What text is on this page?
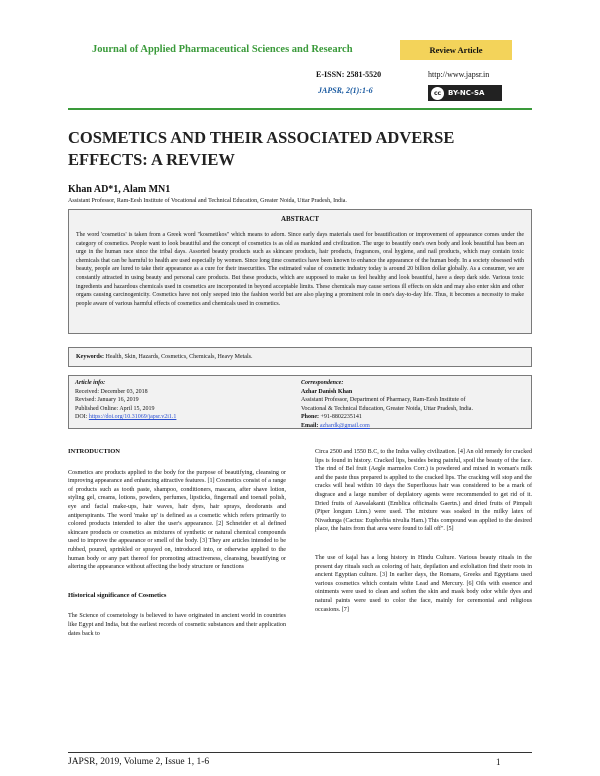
Journal of Applied Pharmaceutical Sciences and Research	Review Article
E-ISSN: 2581-5520	http://www.japsr.in
JAPSR, 2(1):1-6	cc BY-NC-SA
COSMETICS AND THEIR ASSOCIATED ADVERSE EFFECTS: A REVIEW
Khan AD*1, Alam MN1
Assistant Professor, Ram-Eesh Institute of Vocational and Technical Education, Greater Noida, Uttar Pradesh, India.
ABSTRACT
The word 'cosmetics' is taken from a Greek word "kosmetikos" which means to adorn. Since early days materials used for beautification or improvement of appearance comes under the category of cosmetics. People want to look beautiful and the concept of cosmetics is as old as mankind and civilization. The urge to beautify one's own body and look beautiful has been an urge in the human race since the tribal days. Assorted beauty products such as skincare products, hair products, fragrances, oral hygiene, and nail products, which may contain toxic chemicals that can be harmful to health are used especially by women. Since long time cosmetics have been known to enhance the appearance of the human body. In a society obsessed with beauty, people are lured to take their appearance as a cure for their insecurities. The estimated value of cosmetic industry today is around 20 billion dollar globally. As a consumer, we are constantly attracted in using beauty and personal care products. But these products, which are supposed to make us feel healthy and look beautiful, have a deep dark side. Various toxic ingredients and hazardous chemicals used in cosmetics are incorporated in beyond acceptable limits. These chemicals may cause serious ill effects on skin and may also enter skin and other organs causing carcinogenicity. Cosmetics have not only seeped into the fashion world but are also playing a prominent role in one's day-to-day life. Thus, it becomes a necessity to make people aware of various harmful effects of cosmetics and chemicals used in cosmetics.
Keywords: Health, Skin, Hazards, Cosmetics, Chemicals, Heavy Metals.
Article info:
Received: December 03, 2018
Revised: January 16, 2019
Published Online: April 15, 2019
DOI: https://doi.org/10.31069/japsr.v2i1.1
Correspondence:
Azhar Danish Khan
Assistant Professor, Department of Pharmacy, Ram-Eesh Institute of
Vocational & Technical Education, Greater Noida, Uttar Pradesh, India.
Phone: +91-8802235141
Email: azhardk@gmail.com
INTRODUCTION
Cosmetics are products applied to the body for the purpose of beautifying, cleansing or improving appearance and enhancing attractive features. [1] Cosmetics consist of a range of products such as tooth paste, shampoo, conditioners, mascara, after shave lotion, styling gel, creams, lotions, powders, perfumes, lipsticks, fingernail and toenail polish, eye and facial make-ups, hair waves, hair dyes, hair sprays, deodorants and antiperspirants. The word 'make up' is defined as a cosmetic which refers primarily to colored products intended to alter the user's appearance. [2] Schneider et al defined skincare products or cosmetics as mixtures of synthetic or natural chemical compounds used to improve the appearance or smell of the body. [3] They are articles intended to be rubbed, poured, sprinkled or sprayed on, introduced into, or otherwise applied to the human body or any part thereof for promoting attractiveness, cleansing, beautifying or altering the appearance without affecting the body structure or functions
Historical significance of Cosmetics
The Science of cosmetology is believed to have originated in ancient world in countries like Egypt and India, but the earliest records of cosmetic substances and their application dates back to
Circa 2500 and 1550 B.C, to the Indus valley civilization. [4] An old remedy for cracked lips is found in history. Cracked lips, besides being painful, spoil the beauty of the face. The rind of Bel fruit (Aegle marmelos Corr.) is powdered and mixed in woman's milk and the paste thus prepared is applied to the cracked lips. The cracking will stop and the cracks will heal within 10 days the Superfluous hair was considered to be a mark of disgrace and a large number of depilatory agents were recommended to get rid of it. Dried fruits of Aawalakanti (Emblica officinalis Gaertn.) and dried fruits of Pimpali (Piper longum Linn.) were used. The mixture was soaked in the milky latex of Nivadunga (Cactus: Euphorbia nivulia Ham.) This compound was applied to the desired place, the hairs from that area were found to fall off". [5]
The use of kajal has a long history in Hindu Culture. Various beauty rituals in the present day rituals such as coloring of hair, depilation and exfoliation find their roots in ancient Egyptian culture. [3] In earlier days, the Romans, Greeks and Egyptians used various cosmetics which contain white Lead and Mercury. [6] Oils with essence and ointments were used to clean and soften the skin and mask body odor while dyes and natural paints were used to color the face, mainly for ceremonial and religious occasions. [7]
JAPSR, 2019, Volume 2, Issue 1, 1-6	1
